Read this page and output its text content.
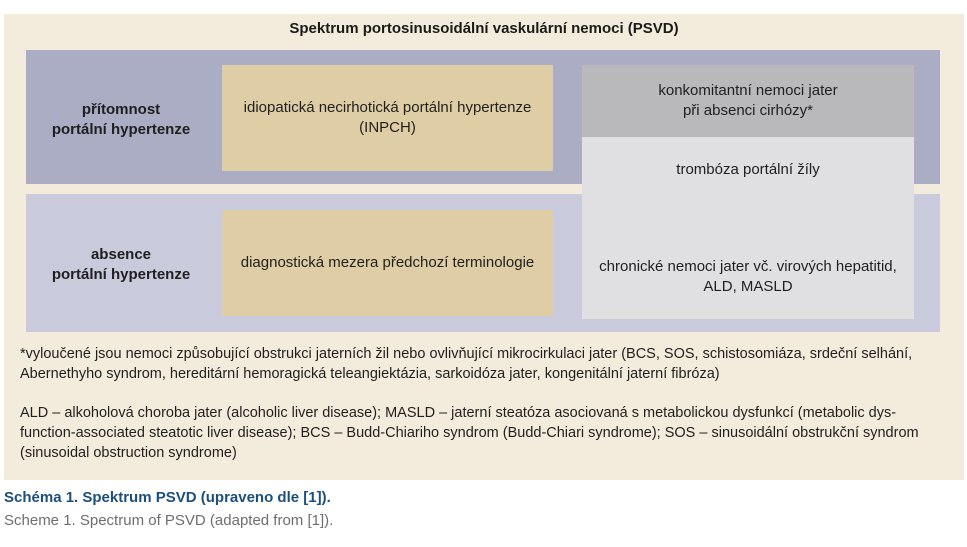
Spektrum portosinusoidální vaskulární nemoci (PSVD)
přítomnost
portální hypertenze
absence
portální hypertenze
idiopatická necirhotická portální hypertenze
(INPCH)
diagnostická mezera předchozí terminologie
konkomitantní nemoci jater
při absenci cirhózy*
trombóza portální žíly
chronické nemoci jater vč. virových hepatitid,
ALD, MASLD
*vyloučené jsou nemoci způsobující obstrukci jaterních žil nebo ovlivňující mikrocirkulaci jater (BCS, SOS, schistosomiáza, srdeční selhání,
Abernethyho syndrom, hereditární hemoragická teleangiektázia, sarkoidóza jater, kongenitální jaterní fibróza)
ALD – alkoholová choroba jater (alcoholic liver disease); MASLD – jaterní steatóza asociovaná s metabolickou dysfunkcí (metabolic dys-
function-associated steatotic liver disease); BCS – Budd-Chiariho syndrom (Budd-Chiari syndrome); SOS – sinusoidální obstrukční syndrom
(sinusoidal obstruction syndrome)
Schéma 1. Spektrum PSVD (upraveno dle [1]).
Scheme 1. Spectrum of PSVD (adapted from [1]).
